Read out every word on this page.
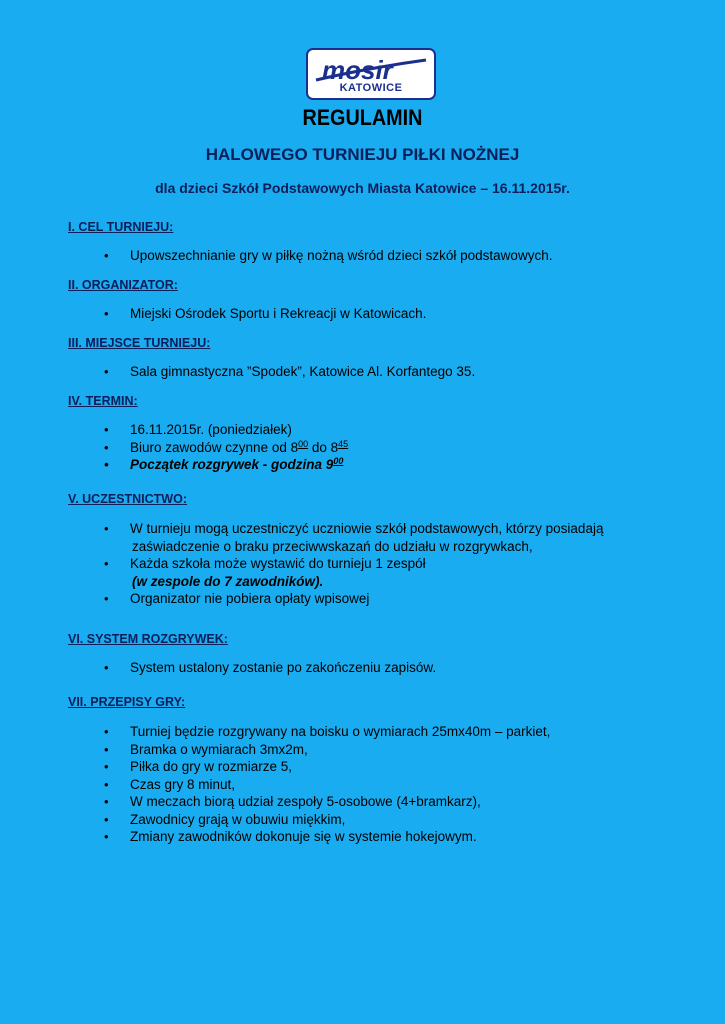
mosir
KATOWICE
REGULAMIN
HALOWEGO TURNIEJU PIŁKI NOŻNEJ
dla dzieci Szkół Podstawowych Miasta Katowice – 16.11.2015r.
I. CEL TURNIEJU:
• Upowszechnianie gry w piłkę nożną wśród dzieci szkół podstawowych.
II. ORGANIZATOR:
• Miejski Ośrodek Sportu i Rekreacji w Katowicach.
III. MIEJSCE TURNIEJU:
• Sala gimnastyczna ”Spodek”, Katowice Al. Korfantego 35.
IV. TERMIN:
• 16.11.2015r. (poniedziałek)
• Biuro zawodów czynne od $8^{00}$ do $8^{45}$
• Początek rozgrywek - godzina $9^{00}$
V. UCZESTNICTWO:
• W turnieju mogą uczestniczyć uczniowie szkół podstawowych, którzy posiadają
zaświadczenie o braku przeciwwskazań do udziału w rozgrywkach,
• Każda szkoła może wystawić do turnieju 1 zespół
(w zespole do 7 zawodników).
• Organizator nie pobiera opłaty wpisowej
VI. SYSTEM ROZGRYWEK:
• System ustalony zostanie po zakończeniu zapisów.
VII. PRZEPISY GRY:
• Turniej będzie rozgrywany na boisku o wymiarach 25mx40m – parkiet,
• Bramka o wymiarach 3mx2m,
• Piłka do gry w rozmiarze 5,
• Czas gry 8 minut,
• W meczach biorą udział zespoły 5-osobowe (4+bramkarz),
• Zawodnicy grają w obuwiu miękkim,
• Zmiany zawodników dokonuje się w systemie hokejowym.
